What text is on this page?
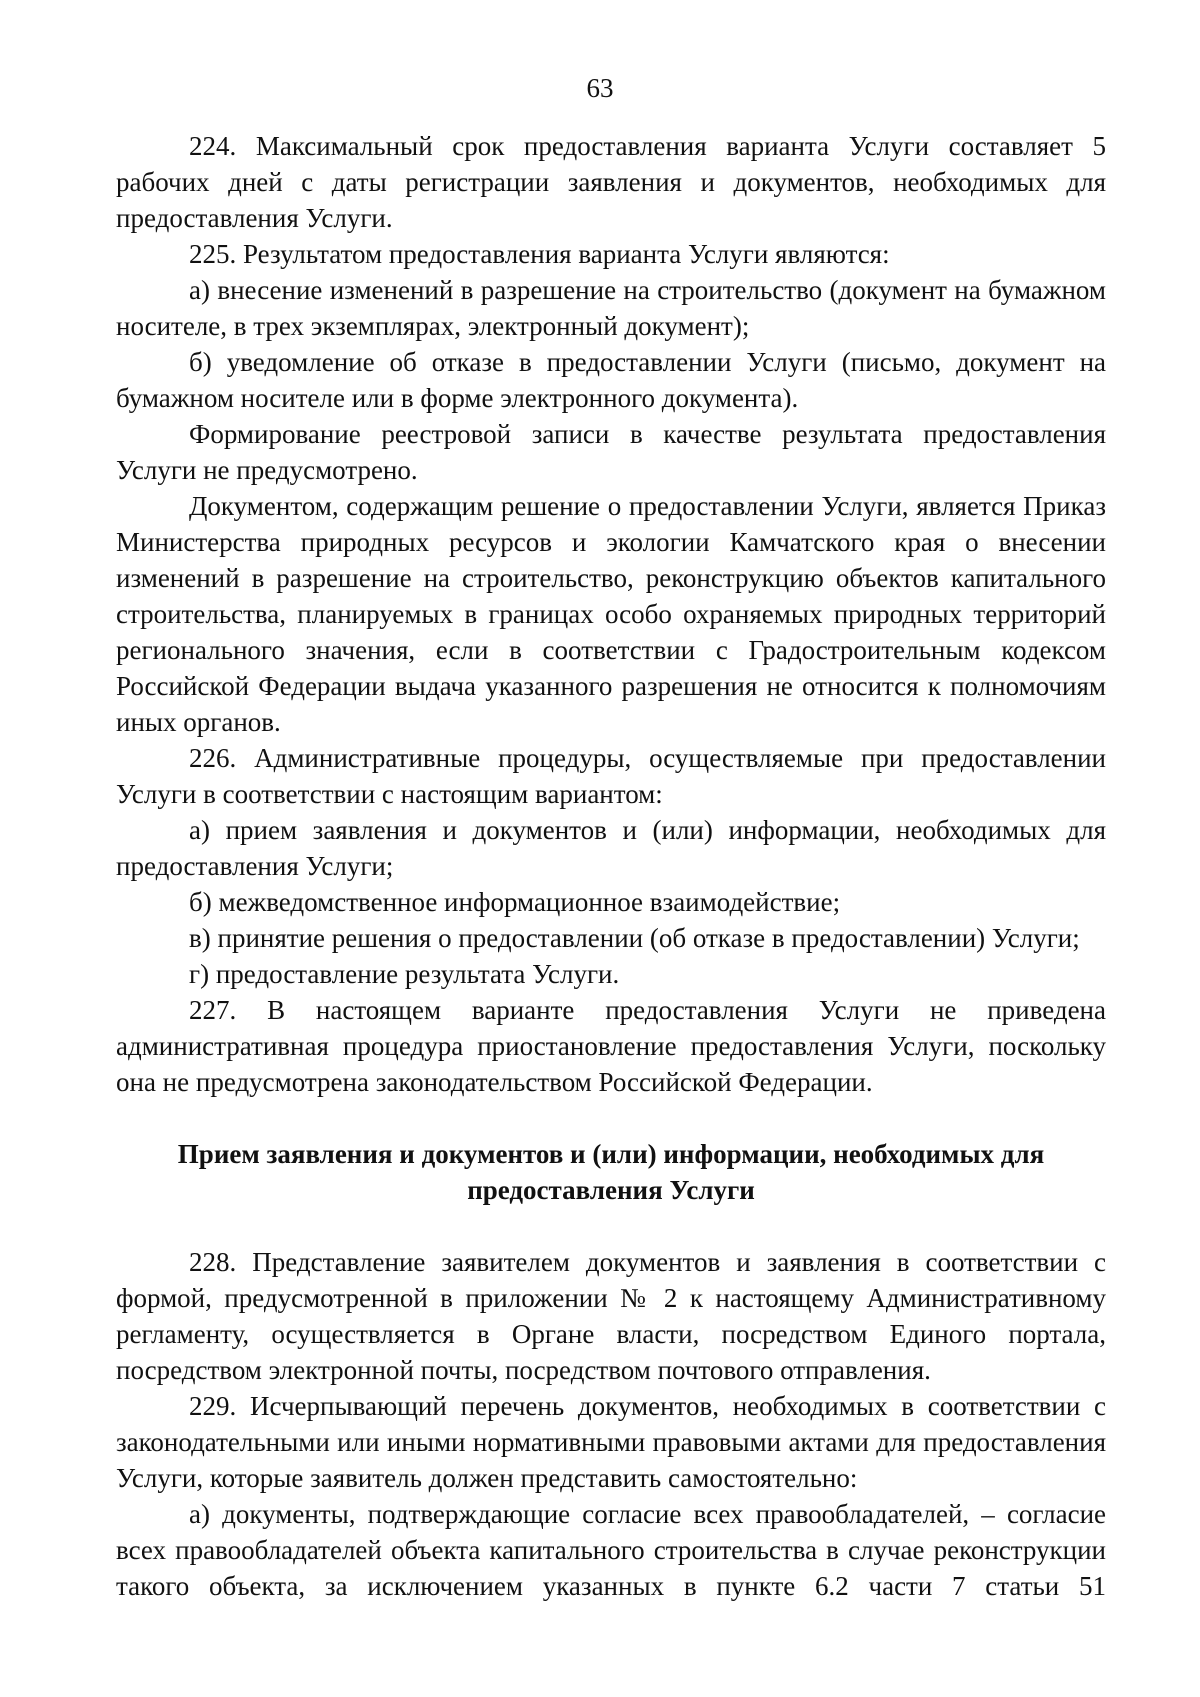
63

224. Максимальный срок предоставления варианта Услуги составляет 5 рабочих дней с даты регистрации заявления и документов, необходимых для предоставления Услуги.

225. Результатом предоставления варианта Услуги являются:

а) внесение изменений в разрешение на строительство (документ на бумажном носителе, в трех экземплярах, электронный документ);

б) уведомление об отказе в предоставлении Услуги (письмо, документ на бумажном носителе или в форме электронного документа).

Формирование реестровой записи в качестве результата предоставления Услуги не предусмотрено.

Документом, содержащим решение о предоставлении Услуги, является Приказ Министерства природных ресурсов и экологии Камчатского края о внесении изменений в разрешение на строительство, реконструкцию объектов капитального строительства, планируемых в границах особо охраняемых природных территорий регионального значения, если в соответствии с Градостроительным кодексом Российской Федерации выдача указанного разрешения не относится к полномочиям иных органов.

226. Административные процедуры, осуществляемые при предоставлении Услуги в соответствии с настоящим вариантом:

а) прием заявления и документов и (или) информации, необходимых для предоставления Услуги;

б) межведомственное информационное взаимодействие;

в) принятие решения о предоставлении (об отказе в предоставлении) Услуги;

г) предоставление результата Услуги.

227. В настоящем варианте предоставления Услуги не приведена административная процедура приостановление предоставления Услуги, поскольку она не предусмотрена законодательством Российской Федерации.

Прием заявления и документов и (или) информации, необходимых для предоставления Услуги

228. Представление заявителем документов и заявления в соответствии с формой, предусмотренной в приложении № 2 к настоящему Административному регламенту, осуществляется в Органе власти, посредством Единого портала, посредством электронной почты, посредством почтового отправления.

229. Исчерпывающий перечень документов, необходимых в соответствии с законодательными или иными нормативными правовыми актами для предоставления Услуги, которые заявитель должен представить самостоятельно:

а) документы, подтверждающие согласие всех правообладателей, – согласие всех правообладателей объекта капитального строительства в случае реконструкции такого объекта, за исключением указанных в пункте 6.2 части 7 статьи 51
